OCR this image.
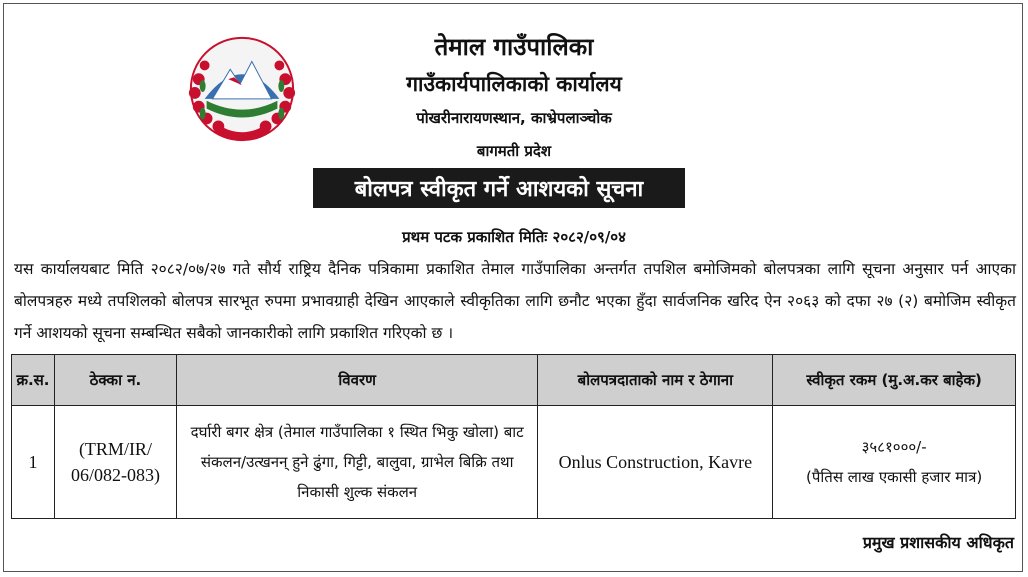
तेमाल गाउँपालिका
गाउँकार्यपालिकाको कार्यालय
पोखरीनारायणस्थान, काभ्रेपलाञ्चोक
बागमती प्रदेश
बोलपत्र स्वीकृत गर्ने आशयको सूचना
प्रथम पटक प्रकाशित मितिः २०८२/०९/०४
यस कार्यालयबाट मिति २०८२/०७/२७ गते सौर्य राष्ट्रिय दैनिक पत्रिकामा प्रकाशित तेमाल गाउँपालिका अन्तर्गत तपशिल बमोजिमको बोलपत्रका लागि सूचना अनुसार पर्न आएका बोलपत्रहरु मध्ये तपशिलको बोलपत्र सारभूत रुपमा प्रभावग्राही देखिन आएकाले स्वीकृतिका लागि छनौट भएका हुँदा सार्वजनिक खरिद ऐन २०६३ को दफा २७ (२) बमोजिम स्वीकृत गर्ने आशयको सूचना सम्बन्धित सबैको जानकारीको लागि प्रकाशित गरिएको छ ।
क्र.स.	ठेक्का न.	विवरण	बोलपत्रदाताको नाम र ठेगाना	स्वीकृत रकम (मु.अ.कर बाहेक)
1	(TRM/IR/ 06/082-083)	दर्घारी बगर क्षेत्र (तेमाल गाउँपालिका १ स्थित भिकु खोला) बाट संकलन/उत्खनन् हुने ढुंगा, गिट्टी, बालुवा, ग्राभेल बिक्रि तथा निकासी शुल्क संकलन	Onlus Construction, Kavre	३५८१०००/-
(पैतिस लाख एकासी हजार मात्र)
प्रमुख प्रशासकीय अधिकृत
